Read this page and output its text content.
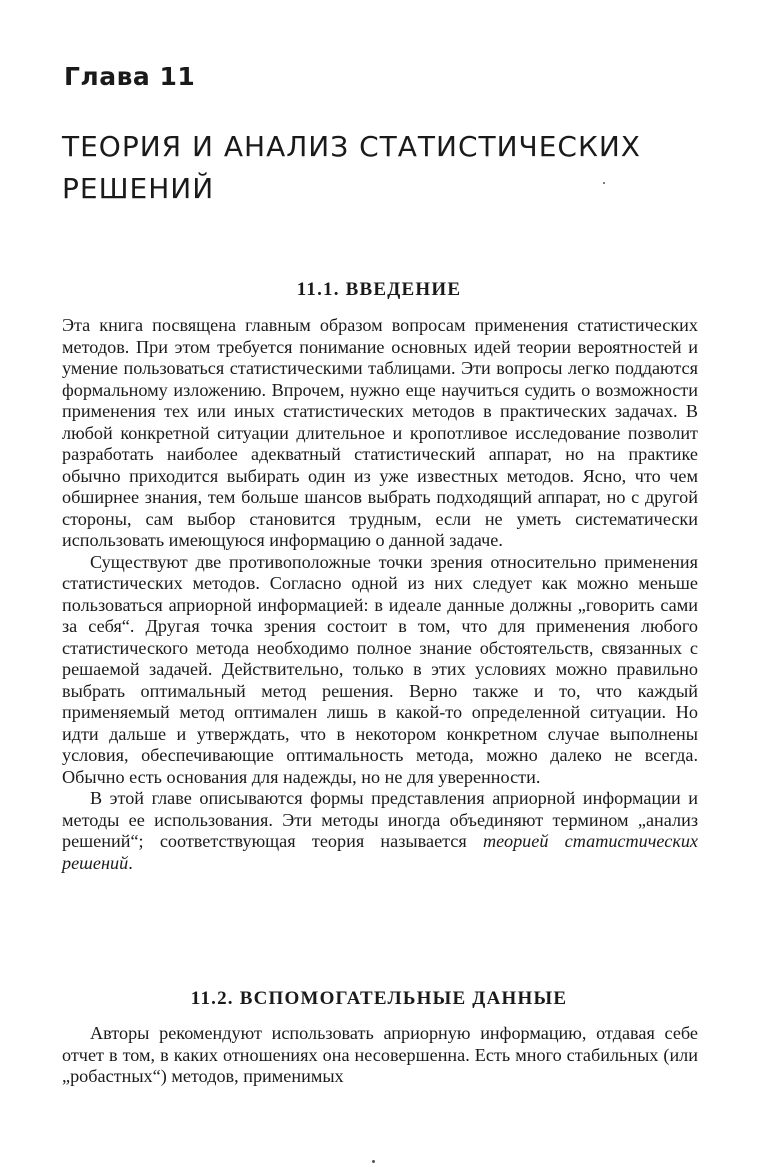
Глава 11
ТЕОРИЯ И АНАЛИЗ СТАТИСТИЧЕСКИХ РЕШЕНИЙ
11.1. ВВЕДЕНИЕ

Эта книга посвящена главным образом вопросам применения статистических методов. При этом требуется понимание основных идей теории вероятностей и умение пользоваться статистическими таблицами. Эти вопросы легко поддаются формальному изложению. Впрочем, нужно еще научиться судить о возможности применения тех или иных статистических методов в практических задачах. В любой конкретной ситуации длительное и кропотливое исследование позволит разработать наиболее адекватный статистический аппарат, но на практике обычно приходится выбирать один из уже известных методов. Ясно, что чем обширнее знания, тем больше шансов выбрать подходящий аппарат, но с другой стороны, сам выбор становится трудным, если не уметь систематически использовать имеющуюся информацию о данной задаче.

Существуют две противоположные точки зрения относительно применения статистических методов. Согласно одной из них следует как можно меньше пользоваться априорной информацией: в идеале данные должны „говорить сами за себя“. Другая точка зрения состоит в том, что для применения любого статистического метода необходимо полное знание обстоятельств, связанных с решаемой задачей. Действительно, только в этих условиях можно правильно выбрать оптимальный метод решения. Верно также и то, что каждый применяемый метод оптимален лишь в какой-то определенной ситуации. Но идти дальше и утверждать, что в некотором конкретном случае выполнены условия, обеспечивающие оптимальность метода, можно далеко не всегда. Обычно есть основания для надежды, но не для уверенности.

В этой главе описываются формы представления априорной информации и методы ее использования. Эти методы иногда объединяют термином „анализ решений“; соответствующая теория называется теорией статистических решений.

11.2. ВСПОМОГАТЕЛЬНЫЕ ДАННЫЕ

Авторы рекомендуют использовать априорную информацию, отдавая себе отчет в том, в каких отношениях она несовершенна. Есть много стабильных (или „робастных“) методов, применимых
